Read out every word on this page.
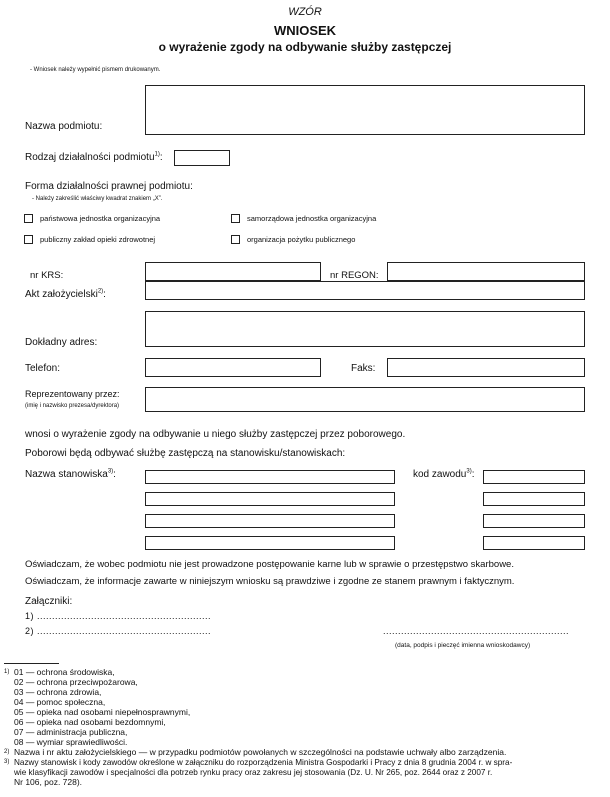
WZÓR
WNIOSEK
o wyrażenie zgody na odbywanie służby zastępczej
- Wniosek należy wypełnić pismem drukowanym.
Nazwa podmiotu:
Rodzaj działalności podmiotu$^{1)}$:
Forma działalności prawnej podmiotu:
- Należy zakreślić właściwy kwadrat znakiem „X”.
państwowa jednostka organizacyjna	samorządowa jednostka organizacyjna
publiczny zakład opieki zdrowotnej	organizacja pożytku publicznego
nr KRS:	nr REGON:
Akt założycielski$^{2)}$:
Dokładny adres:
Telefon:	Faks:
Reprezentowany przez:
(imię i nazwisko prezesa/dyrektora)
wnosi o wyrażenie zgody na odbywanie u niego służby zastępczej przez poborowego.
Poborowi będą odbywać służbę zastępczą na stanowisku/stanowiskach:
Nazwa stanowiska$^{3)}$:	kod zawodu$^{3)}$:
Oświadczam, że wobec podmiotu nie jest prowadzone postępowanie karne lub w sprawie o przestępstwo skarbowe.
Oświadczam, że informacje zawarte w niniejszym wniosku są prawdziwe i zgodne ze stanem prawnym i faktycznym.
Załączniki:
1) ..........................................................
2) ..........................................................	..............................................................
(data, podpis i pieczęć imienna wnioskodawcy)
1) 01 — ochrona środowiska,
02 — ochrona przeciwpożarowa,
03 — ochrona zdrowia,
04 — pomoc społeczna,
05 — opieka nad osobami niepełnosprawnymi,
06 — opieka nad osobami bezdomnymi,
07 — administracja publiczna,
08 — wymiar sprawiedliwości.
2) Nazwa i nr aktu założycielskiego — w przypadku podmiotów powołanych w szczególności na podstawie uchwały albo zarządzenia.
3) Nazwy stanowisk i kody zawodów określone w załączniku do rozporządzenia Ministra Gospodarki i Pracy z dnia 8 grudnia 2004 r. w spra-
wie klasyfikacji zawodów i specjalności dla potrzeb rynku pracy oraz zakresu jej stosowania (Dz. U. Nr 265, poz. 2644 oraz z 2007 r.
Nr 106, poz. 728).
